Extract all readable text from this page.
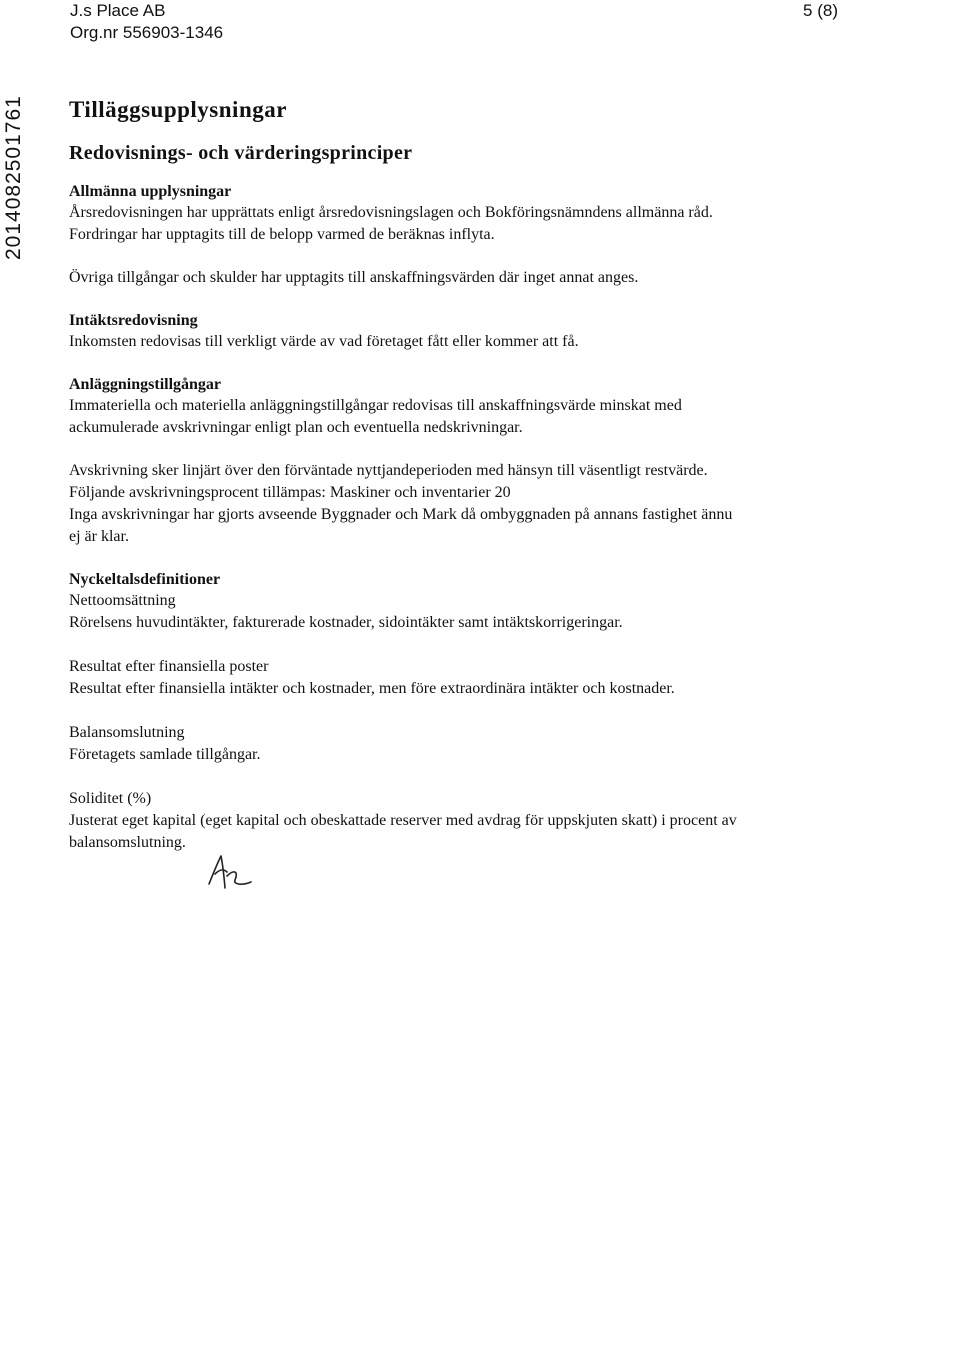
J.s Place AB
Org.nr 556903-1346
5 (8)
2014082501761 Tilläggsupplysningar
Redovisnings- och värderingsprinciper
Allmänna upplysningar
Årsredovisningen har upprättats enligt årsredovisningslagen och Bokföringsnämndens allmänna råd.
Fordringar har upptagits till de belopp varmed de beräknas inflyta.
Övriga tillgångar och skulder har upptagits till anskaffningsvärden där inget annat anges.
Intäktsredovisning
Inkomsten redovisas till verkligt värde av vad företaget fått eller kommer att få.
Anläggningstillgångar
Immateriella och materiella anläggningstillgångar redovisas till anskaffningsvärde minskat med
ackumulerade avskrivningar enligt plan och eventuella nedskrivningar.
Avskrivning sker linjärt över den förväntade nyttjandeperioden med hänsyn till väsentligt restvärde.
Följande avskrivningsprocent tillämpas: Maskiner och inventarier 20
Inga avskrivningar har gjorts avseende Byggnader och Mark då ombyggnaden på annans fastighet ännu
ej är klar.
Nyckeltalsdefinitioner
Nettoomsättning
Rörelsens huvudintäkter, fakturerade kostnader, sidointäkter samt intäktskorrigeringar.
Resultat efter finansiella poster
Resultat efter finansiella intäkter och kostnader, men före extraordinära intäkter och kostnader.
Balansomslutning
Företagets samlade tillgångar.
Soliditet (%)
Justerat eget kapital (eget kapital och obeskattade reserver med avdrag för uppskjuten skatt) i procent av
balansomslutning.
